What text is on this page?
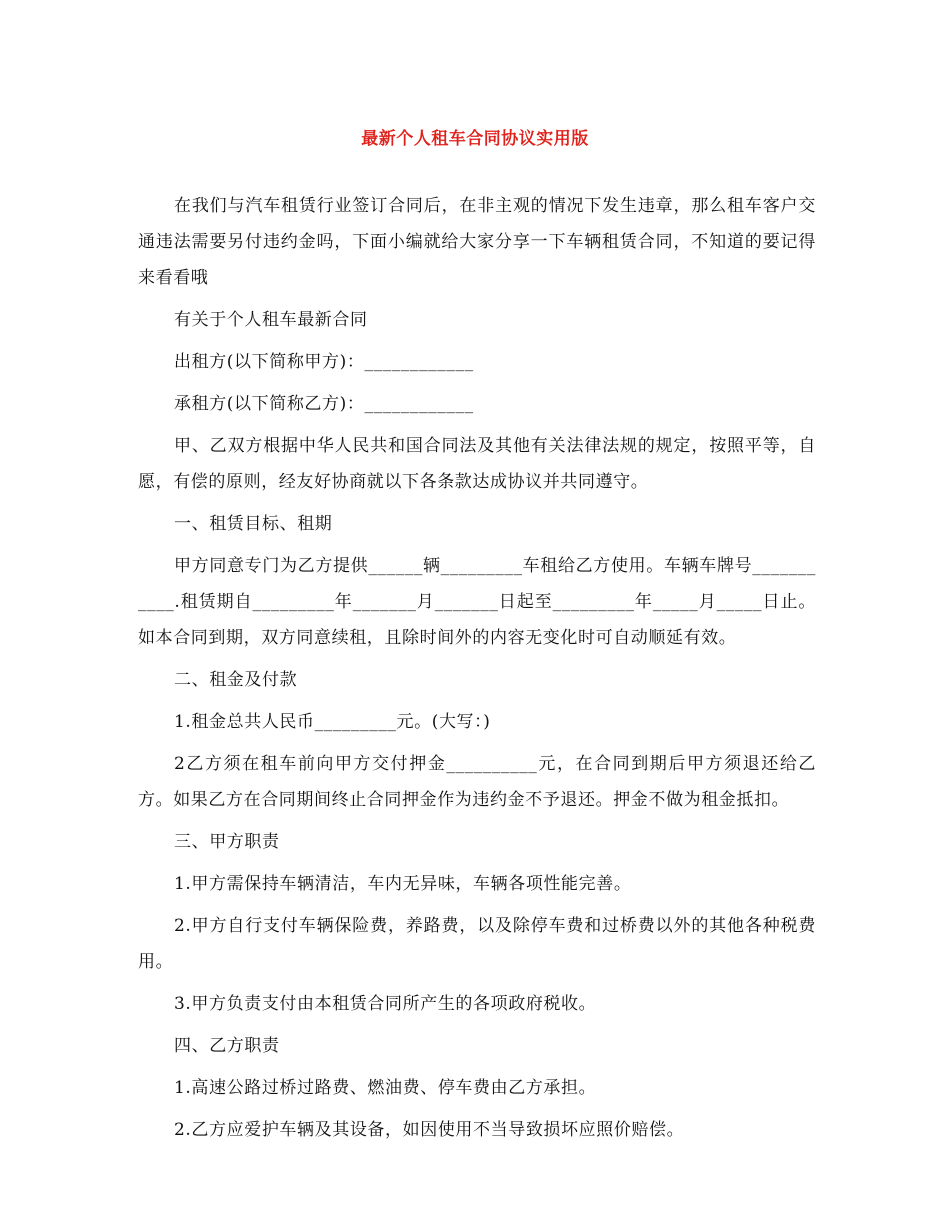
最新个人租车合同协议实用版

在我们与汽车租赁行业签订合同后，在非主观的情况下发生违章，那么租车客户交通违法需要另付违约金吗，下面小编就给大家分享一下车辆租赁合同，不知道的要记得来看看哦

有关于个人租车最新合同

出租方(以下简称甲方)：____________

承租方(以下简称乙方)：____________

甲、乙双方根据中华人民共和国合同法及其他有关法律法规的规定，按照平等，自愿，有偿的原则，经友好协商就以下各条款达成协议并共同遵守。

一、租赁目标、租期

甲方同意专门为乙方提供______辆_________车租给乙方使用。车辆车牌号___________.租赁期自_________年_______月_______日起至_________年_____月_____日止。如本合同到期，双方同意续租，且除时间外的内容无变化时可自动顺延有效。

二、租金及付款

1.租金总共人民币_________元。(大写：)

2乙方须在租车前向甲方交付押金__________元，在合同到期后甲方须退还给乙方。如果乙方在合同期间终止合同押金作为违约金不予退还。押金不做为租金抵扣。

三、甲方职责

1.甲方需保持车辆清洁，车内无异味，车辆各项性能完善。

2.甲方自行支付车辆保险费，养路费，以及除停车费和过桥费以外的其他各种税费用。

3.甲方负责支付由本租赁合同所产生的各项政府税收。

四、乙方职责

1.高速公路过桥过路费、燃油费、停车费由乙方承担。

2.乙方应爱护车辆及其设备，如因使用不当导致损坏应照价赔偿。
